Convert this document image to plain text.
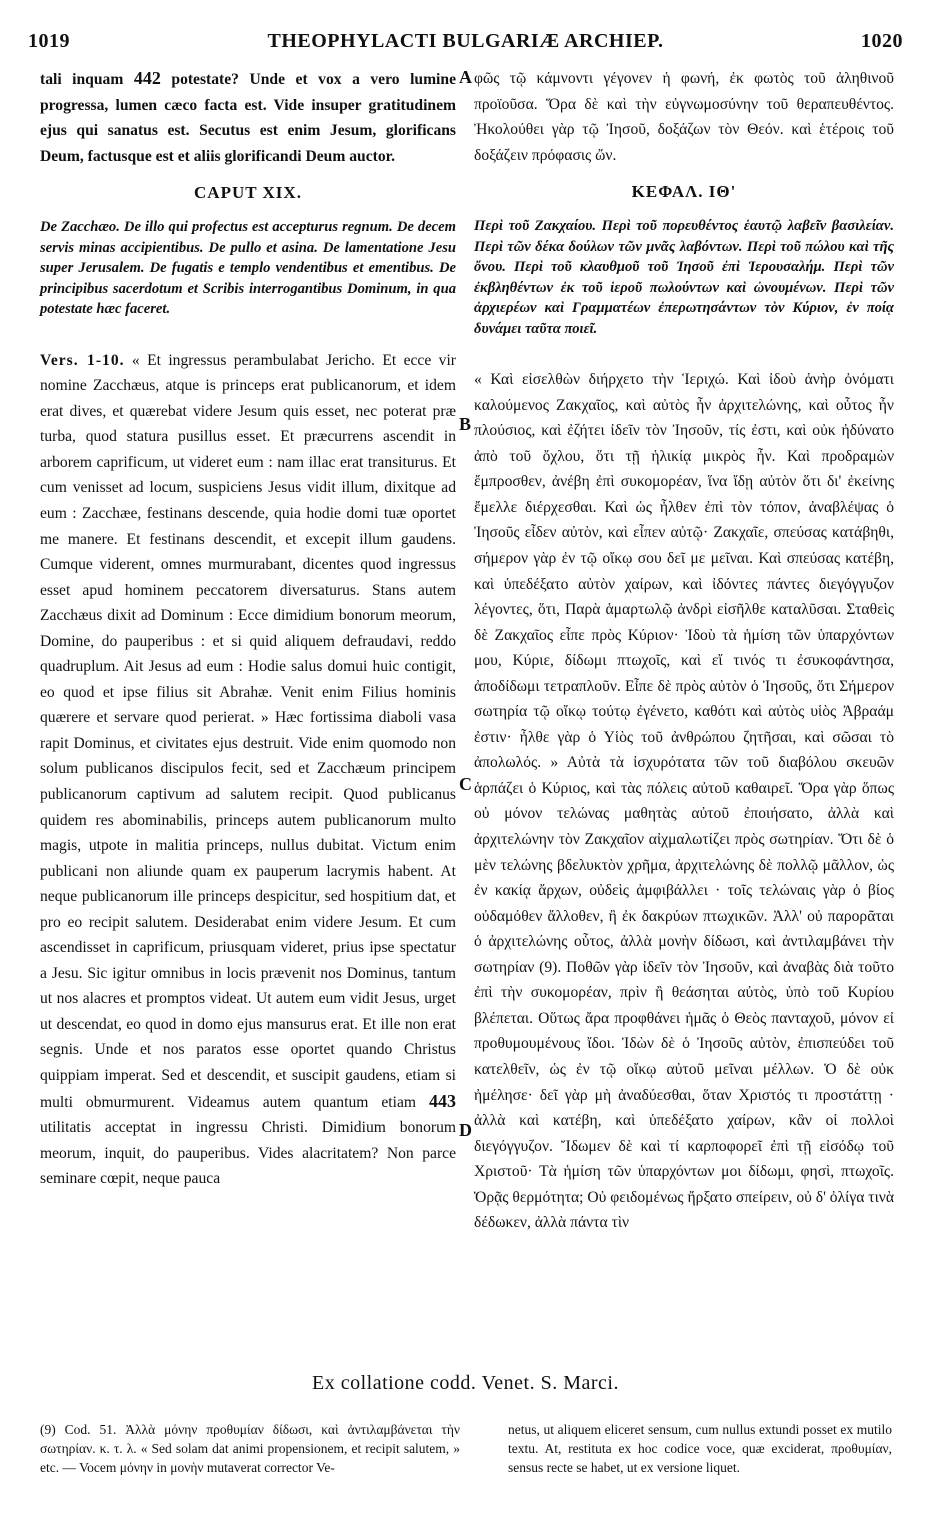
1019	THEOPHYLACTI BULGARIÆ ARCHIEP.	1020

tali inquam 442 potestate? Unde et vox a vero lumine progressa, lumen cæco facta est. Vide insuper gratitudinem ejus qui sanatus est. Secutus est enim Jesum, glorificans Deum, factusque est et aliis glorificandi Deum auctor.

CAPUT XIX.

De Zacchæo. De illo qui profectus est accepturus regnum. De decem servis minas accipientibus. De pullo et asina. De lamentatione Jesu super Jerusalem. De fugatis e templo vendentibus et ementibus. De principibus sacerdotum et Scribis interrogantibus Dominum, in qua potestate hæc faceret.

Vers. 1-10. « Et ingressus perambulabat Jericho. Et ecce vir nomine Zacchæus, atque is princeps erat publicanorum, et idem erat dives, et quærebat videre Jesum quis esset, nec poterat præ turba, quod statura pusillus esset. Et præcurrens ascendit in arborem caprificum, ut videret eum : nam illac erat transiturus. Et cum venisset ad locum, suspiciens Jesus vidit illum, dixitque ad eum : Zacchæe, festinans descende, quia hodie domi tuæ oportet me manere. Et festinans descendit, et excepit illum gaudens. Cumque viderent, omnes murmurabant, dicentes quod ingressus esset apud hominem peccatorem diversaturus. Stans autem Zacchæus dixit ad Dominum : Ecce dimidium bonorum meorum, Domine, do pauperibus : et si quid aliquem defraudavi, reddo quadruplum. Ait Jesus ad eum : Hodie salus domui huic contigit, eo quod et ipse filius sit Abrahæ. Venit enim Filius hominis quærere et servare quod perierat. » Hæc fortissima diaboli vasa rapit Dominus, et civitates ejus destruit. Vide enim quomodo non solum publicanos discipulos fecit, sed et Zacchæum principem publicanorum captivum ad salutem recipit. Quod publicanus quidem res abominabilis, princeps autem publicanorum multo magis, utpote in malitia princeps, nullus dubitat. Victum enim publicani non aliunde quam ex pauperum lacrymis habent. At neque publicanorum ille princeps despicitur, sed hospitium dat, et pro eo recipit salutem. Desiderabat enim videre Jesum. Et cum ascendisset in caprificum, priusquam videret, prius ipse spectatur a Jesu. Sic igitur omnibus in locis prævenit nos Dominus, tantum ut nos alacres et promptos videat. Ut autem eum vidit Jesus, urget ut descendat, eo quod in domo ejus mansurus erat. Et ille non erat segnis. Unde et nos paratos esse oportet quando Christus quippiam imperat. Sed et descendit, et suscipit gaudens, etiam si multi obmurmurent. Videamus autem quantum etiam 443 utilitatis acceptat in ingressu Christi. Dimidium bonorum meorum, inquit, do pauperibus. Vides alacritatem? Non parce seminare cœpit, neque pauca

φῶς τῷ κάμνοντι γέγονεν ἡ φωνή, ἐκ φωτὸς τοῦ ἀληθινοῦ προϊοῦσα. Ὅρα δὲ καὶ τὴν εὐγνωμοσύνην τοῦ θεραπευθέντος. Ἠκολούθει γὰρ τῷ Ἰησοῦ, δοξάζων τὸν Θεόν. καὶ ἑτέροις τοῦ δοξάζειν πρόφασις ὤν.

ΚΕΦΑΛ. ΙΘ'

Περὶ τοῦ Ζακχαίου. Περὶ τοῦ πορευθέντος ἑαυτῷ λαβεῖν βασιλείαν. Περὶ τῶν δέκα δούλων τῶν μνᾶς λαβόντων. Περὶ τοῦ πώλου καὶ τῆς ὄνου. Περὶ τοῦ κλαυθμοῦ τοῦ Ἰησοῦ ἐπὶ Ἱερουσαλήμ. Περὶ τῶν ἐκβληθέντων ἐκ τοῦ ἱεροῦ πωλούντων καὶ ὠνουμένων. Περὶ τῶν ἀρχιερέων καὶ Γραμματέων ἐπερωτησάντων τὸν Κύριον, ἐν ποίᾳ δυνάμει ταῦτα ποιεῖ.

« Καὶ εἰσελθὼν διήρχετο τὴν Ἱεριχώ. Καὶ ἰδοὺ ἀνὴρ ὀνόματι καλούμενος Ζακχαῖος, καὶ αὐτὸς ἦν ἀρχιτελώνης, καὶ οὗτος ἦν πλούσιος, καὶ ἐζήτει ἰδεῖν τὸν Ἰησοῦν, τίς ἐστι, καὶ οὐκ ἠδύνατο ἀπὸ τοῦ ὄχλου, ὅτι τῇ ἡλικίᾳ μικρὸς ἦν. Καὶ προδραμὼν ἔμπροσθεν, ἀνέβη ἐπὶ συκομορέαν, ἵνα ἴδῃ αὐτὸν ὅτι δι' ἐκείνης ἔμελλε διέρχεσθαι. Καὶ ὡς ἦλθεν ἐπὶ τὸν τόπον, ἀναβλέψας ὁ Ἰησοῦς εἶδεν αὐτὸν, καὶ εἶπεν αὐτῷ· Ζακχαῖε, σπεύσας κατάβηθι, σήμερον γὰρ ἐν τῷ οἴκῳ σου δεῖ με μεῖναι. Καὶ σπεύσας κατέβη, καὶ ὑπεδέξατο αὐτὸν χαίρων, καὶ ἰδόντες πάντες διεγόγγυζον λέγοντες, ὅτι, Παρὰ ἁμαρτωλῷ ἀνδρὶ εἰσῆλθε καταλῦσαι. Σταθεὶς δὲ Ζακχαῖος εἶπε πρὸς Κύριον· Ἰδοὺ τὰ ἡμίση τῶν ὑπαρχόντων μου, Κύριε, δίδωμι πτωχοῖς, καὶ εἴ τινός τι ἐσυκοφάντησα, ἀποδίδωμι τετραπλοῦν. Εἶπε δὲ πρὸς αὐτὸν ὁ Ἰησοῦς, ὅτι Σήμερον σωτηρία τῷ οἴκῳ τούτῳ ἐγένετο, καθότι καὶ αὐτὸς υἱὸς Ἀβραάμ ἐστιν· ἦλθε γὰρ ὁ Υἱὸς τοῦ ἀνθρώπου ζητῆσαι, καὶ σῶσαι τὸ ἀπολωλός. » Αὐτὰ τὰ ἰσχυρότατα τῶν τοῦ διαβόλου σκευῶν ἁρπάζει ὁ Κύριος, καὶ τὰς πόλεις αὐτοῦ καθαιρεῖ. Ὅρα γὰρ ὅπως οὐ μόνον τελώνας μαθητὰς αὐτοῦ ἐποιήσατο, ἀλλὰ καὶ ἀρχιτελώνην τὸν Ζακχαῖον αἰχμαλωτίζει πρὸς σωτηρίαν. Ὅτι δὲ ὁ μὲν τελώνης βδελυκτὸν χρῆμα, ἀρχιτελώνης δὲ πολλῷ μᾶλλον, ὡς ἐν κακίᾳ ἄρχων, οὐδεὶς ἀμφιβάλλει · τοῖς τελώναις γὰρ ὁ βίος οὐδαμόθεν ἄλλοθεν, ἢ ἐκ δακρύων πτωχικῶν. Ἀλλ' οὐ παρορᾶται ὁ ἀρχιτελώνης οὗτος, ἀλλὰ μονὴν δίδωσι, καὶ ἀντιλαμβάνει τὴν σωτηρίαν (9). Ποθῶν γὰρ ἰδεῖν τὸν Ἰησοῦν, καὶ ἀναβὰς διὰ τοῦτο ἐπὶ τὴν συκομορέαν, πρὶν ἢ θεάσηται αὐτὸς, ὑπὸ τοῦ Κυρίου βλέπεται. Οὕτως ἄρα προφθάνει ἡμᾶς ὁ Θεὸς πανταχοῦ, μόνον εἰ προθυμουμένους ἴδοι. Ἰδὼν δὲ ὁ Ἰησοῦς αὐτὸν, ἐπισπεύδει τοῦ κατελθεῖν, ὡς ἐν τῷ οἴκῳ αὐτοῦ μεῖναι μέλλων. Ὁ δὲ οὐκ ἠμέλησε· δεῖ γὰρ μὴ ἀναδύεσθαι, ὅταν Χριστός τι προστάττῃ · ἀλλὰ καὶ κατέβη, καὶ ὑπεδέξατο χαίρων, κἂν οἱ πολλοὶ διεγόγγυζον. Ἴδωμεν δὲ καὶ τί καρποφορεῖ ἐπὶ τῇ εἰσόδῳ τοῦ Χριστοῦ· Τὰ ἡμίση τῶν ὑπαρχόντων μοι δίδωμι, φησὶ, πτωχοῖς. Ὁρᾷς θερμότητα; Οὐ φειδομένως ἤρξατο σπείρειν, οὐ δ' ὀλίγα τινὰ δέδωκεν, ἀλλὰ πάντα τὶν

A
B
C
D
Ex collatione codd. Venet. S. Marci.

(9) Cod. 51. Ἀλλὰ μόνην προθυμίαν δίδωσι, καὶ ἀντιλαμβάνεται τὴν σωτηρίαν. κ. τ. λ. « Sed solam dat animi propensionem, et recipit salutem, » etc. — Vocem μόνην in μονὴν mutaverat corrector Ve-

netus, ut aliquem eliceret sensum, cum nullus extundi posset ex mutilo textu. At, restituta ex hoc codice voce, quæ exciderat, προθυμίαν, sensus recte se habet, ut ex versione liquet.
